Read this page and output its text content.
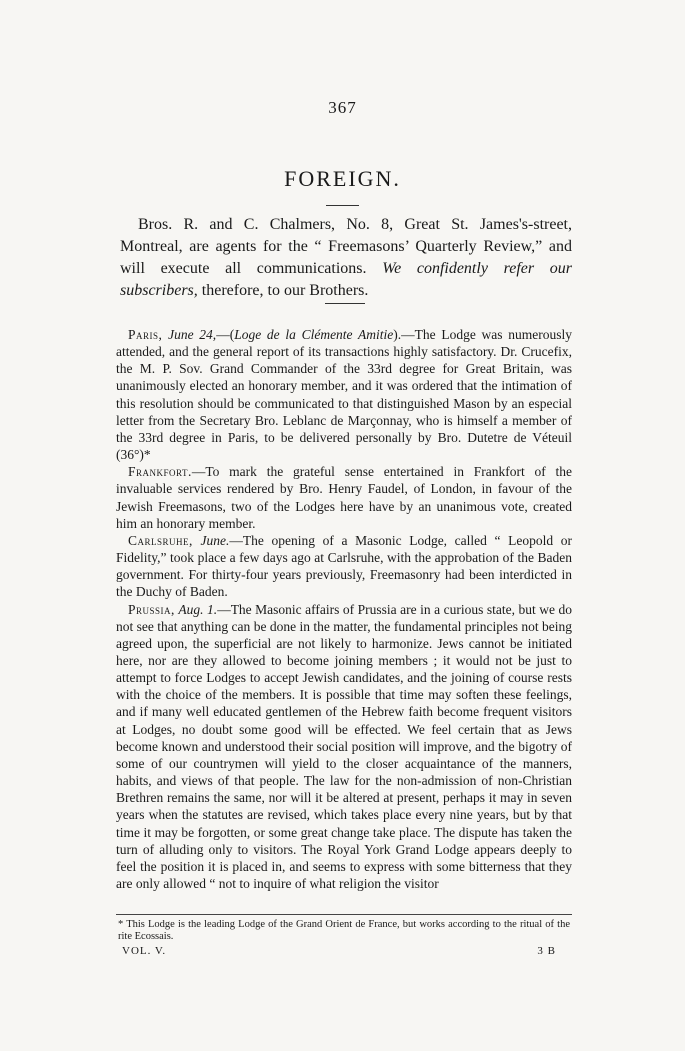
367
FOREIGN.

Bros. R. and C. Chalmers, No. 8, Great St. James's-street, Montreal, are agents for the “ Freemasons’ Quarterly Review,” and will execute all communications. We confidently refer our subscribers, therefore, to our Brothers.

Paris, June 24,—(Loge de la Clémente Amitie).—The Lodge was numerously attended, and the general report of its transactions highly satisfactory. Dr. Crucefix, the M. P. Sov. Grand Commander of the 33rd degree for Great Britain, was unanimously elected an honorary member, and it was ordered that the intimation of this resolution should be communicated to that distinguished Mason by an especial letter from the Secretary Bro. Leblanc de Marçonnay, who is himself a member of the 33rd degree in Paris, to be delivered personally by Bro. Dutetre de Véteuil (36°)*

Frankfort.—To mark the grateful sense entertained in Frankfort of the invaluable services rendered by Bro. Henry Faudel, of London, in favour of the Jewish Freemasons, two of the Lodges here have by an unanimous vote, created him an honorary member.

Carlsruhe, June.—The opening of a Masonic Lodge, called “ Leopold or Fidelity,” took place a few days ago at Carlsruhe, with the approbation of the Baden government. For thirty-four years previously, Freemasonry had been interdicted in the Duchy of Baden.

Prussia, Aug. 1.—The Masonic affairs of Prussia are in a curious state, but we do not see that anything can be done in the matter, the fundamental principles not being agreed upon, the superficial are not likely to harmonize. Jews cannot be initiated here, nor are they allowed to become joining members ; it would not be just to attempt to force Lodges to accept Jewish candidates, and the joining of course rests with the choice of the members. It is possible that time may soften these feelings, and if many well educated gentlemen of the Hebrew faith become frequent visitors at Lodges, no doubt some good will be effected. We feel certain that as Jews become known and understood their social position will improve, and the bigotry of some of our countrymen will yield to the closer acquaintance of the manners, habits, and views of that people. The law for the non-admission of non-Christian Brethren remains the same, nor will it be altered at present, perhaps it may in seven years when the statutes are revised, which takes place every nine years, but by that time it may be forgotten, or some great change take place. The dispute has taken the turn of alluding only to visitors. The Royal York Grand Lodge appears deeply to feel the position it is placed in, and seems to express with some bitterness that they are only allowed “ not to inquire of what religion the visitor

* This Lodge is the leading Lodge of the Grand Orient de France, but works according to the ritual of the rite Ecossais.
VOL. V.	3 B
